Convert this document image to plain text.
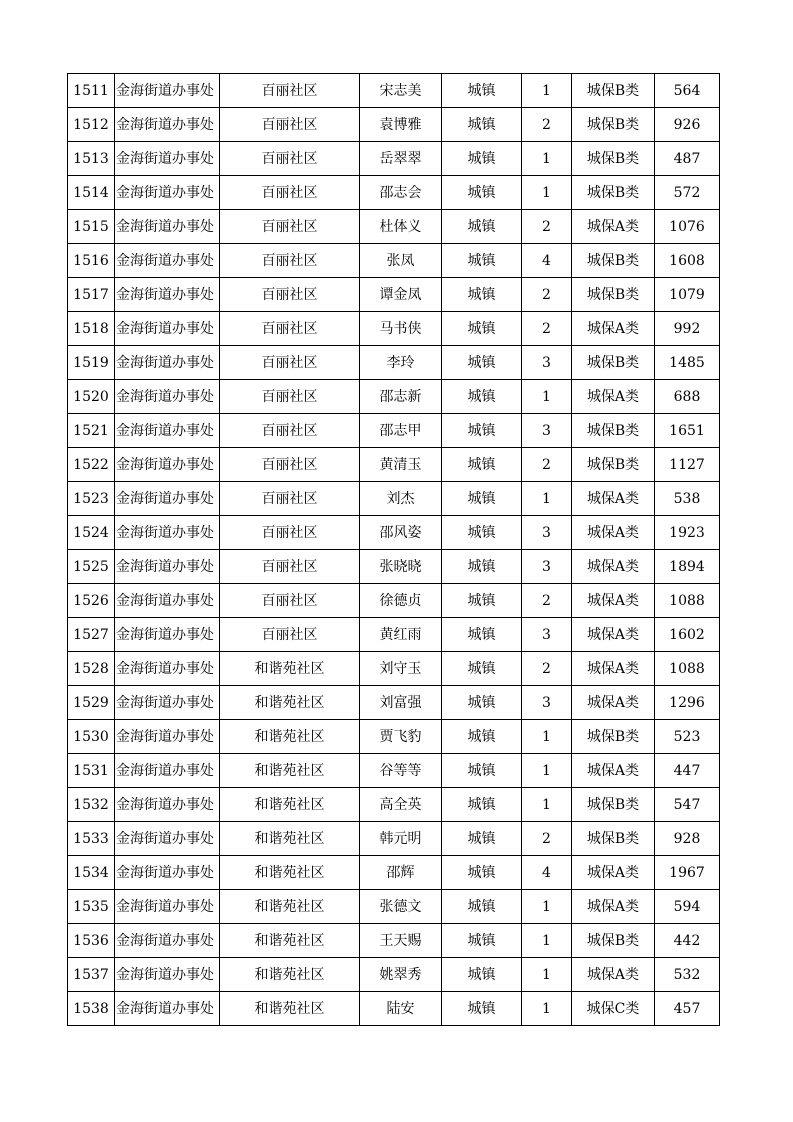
1511	金海街道办事处	百丽社区	宋志美	城镇	1	城保B类	564
1512	金海街道办事处	百丽社区	袁博雅	城镇	2	城保B类	926
1513	金海街道办事处	百丽社区	岳翠翠	城镇	1	城保B类	487
1514	金海街道办事处	百丽社区	邵志会	城镇	1	城保B类	572
1515	金海街道办事处	百丽社区	杜体义	城镇	2	城保A类	1076
1516	金海街道办事处	百丽社区	张凤	城镇	4	城保B类	1608
1517	金海街道办事处	百丽社区	谭金凤	城镇	2	城保B类	1079
1518	金海街道办事处	百丽社区	马书侠	城镇	2	城保A类	992
1519	金海街道办事处	百丽社区	李玲	城镇	3	城保B类	1485
1520	金海街道办事处	百丽社区	邵志新	城镇	1	城保A类	688
1521	金海街道办事处	百丽社区	邵志甲	城镇	3	城保B类	1651
1522	金海街道办事处	百丽社区	黄清玉	城镇	2	城保B类	1127
1523	金海街道办事处	百丽社区	刘杰	城镇	1	城保A类	538
1524	金海街道办事处	百丽社区	邵风姿	城镇	3	城保A类	1923
1525	金海街道办事处	百丽社区	张晓晓	城镇	3	城保A类	1894
1526	金海街道办事处	百丽社区	徐德贞	城镇	2	城保A类	1088
1527	金海街道办事处	百丽社区	黄红雨	城镇	3	城保A类	1602
1528	金海街道办事处	和谐苑社区	刘守玉	城镇	2	城保A类	1088
1529	金海街道办事处	和谐苑社区	刘富强	城镇	3	城保A类	1296
1530	金海街道办事处	和谐苑社区	贾飞豹	城镇	1	城保B类	523
1531	金海街道办事处	和谐苑社区	谷等等	城镇	1	城保A类	447
1532	金海街道办事处	和谐苑社区	高全英	城镇	1	城保B类	547
1533	金海街道办事处	和谐苑社区	韩元明	城镇	2	城保B类	928
1534	金海街道办事处	和谐苑社区	邵辉	城镇	4	城保A类	1967
1535	金海街道办事处	和谐苑社区	张德文	城镇	1	城保A类	594
1536	金海街道办事处	和谐苑社区	王天赐	城镇	1	城保B类	442
1537	金海街道办事处	和谐苑社区	姚翠秀	城镇	1	城保A类	532
1538	金海街道办事处	和谐苑社区	陆安	城镇	1	城保C类	457
